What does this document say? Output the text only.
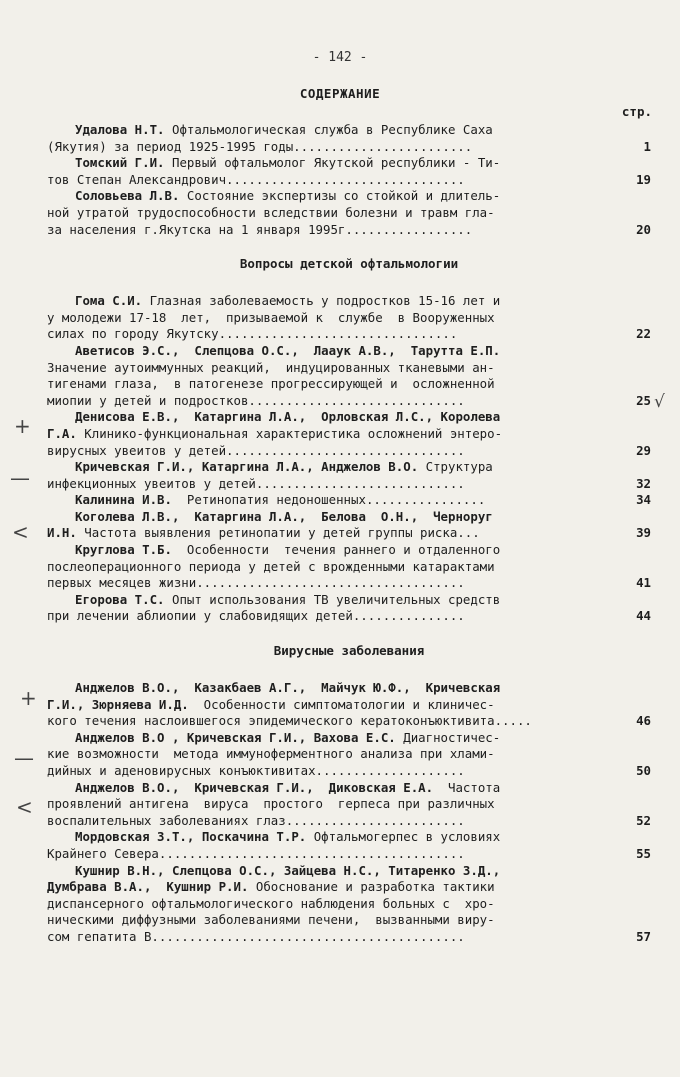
- 142 -
СОДЕРЖАНИЕ
стр.
Удалова Н.Т. Офтальмологическая служба в Республике Саха
(Якутия) за период 1925-1995 годы........................	1
Томский Г.И. Первый офтальмолог Якутской республики - Ти-
тов Степан Александрович................................	19
Соловьева Л.В. Состояние экспертизы со стойкой и длитель-
ной утратой трудоспособности вследствии болезни и травм гла-
за населения г.Якутска на 1 января 1995г.................	20
Вопросы детской офтальмологии
Гома С.И. Глазная заболеваемость у подростков 15-16 лет и
у молодежи 17-18  лет,  призываемой к  службе  в Вооруженных
силах по городу Якутску................................	22
Аветисов Э.С.,  Слепцова О.С.,  Лааук А.В.,  Тарутта Е.П.
Значение аутоиммунных реакций,  индуцированных тканевыми ан-
тигенами глаза,  в патогенезе прогрессирующей и  осложненной
миопии у детей и подростков.............................	25
Денисова Е.В.,  Катаргина Л.А.,  Орловская Л.С., Королева
Г.А. Клинико-функциональная характеристика осложнений энтеро-
вирусных увеитов у детей................................	29
Кричевская Г.И., Катаргина Л.А., Анджелов В.О. Структура
инфекционных увеитов у детей............................	32
Калинина И.В.  Ретинопатия недоношенных................	34
Коголева Л.В.,  Катаргина Л.А.,  Белова  О.Н.,  Черноруг
И.Н. Частота выявления ретинопатии у детей группы риска...	39
Круглова Т.Б.  Особенности  течения раннего и отдаленного
послеоперационного периода у детей с врожденными катарактами
первых месяцев жизни....................................	41
Егорова Т.С. Опыт использования ТВ увеличительных средств
при лечении аблиопии у слабовидящих детей...............	44
Вирусные заболевания
Анджелов В.О.,  Казакбаев А.Г.,  Майчук Ю.Ф.,  Кричевская
Г.И., Зюрняева И.Д.  Особенности симптоматологии и клиничес-
кого течения наслоившегося эпидемического кератоконъюктивита.....	46
Анджелов В.О , Кричевская Г.И., Вахова Е.С. Диагностичес-
кие возможности  метода иммуноферментного анализа при хлами-
дийных и аденовирусных конъюктивитах....................	50
Анджелов В.О.,  Кричевская Г.И.,  Диковская Е.А.  Частота
проявлений антигена  вируса  простого  герпеса при различных
воспалительных заболеваниях глаз........................	52
Мордовская З.Т., Поскачина Т.Р. Офтальмогерпес в условиях
Крайнего Севера.........................................	55
Кушнир В.Н., Слепцова О.С., Зайцева Н.С., Титаренко З.Д.,
Думбрава В.А.,  Кушнир Р.И. Обоснование и разработка тактики
диспансерного офтальмологического наблюдения больных с  хро-
ническими диффузными заболеваниями печени,  вызванными виру-
сом гепатита В..........................................	57
+
—
<
+
—
<
√
